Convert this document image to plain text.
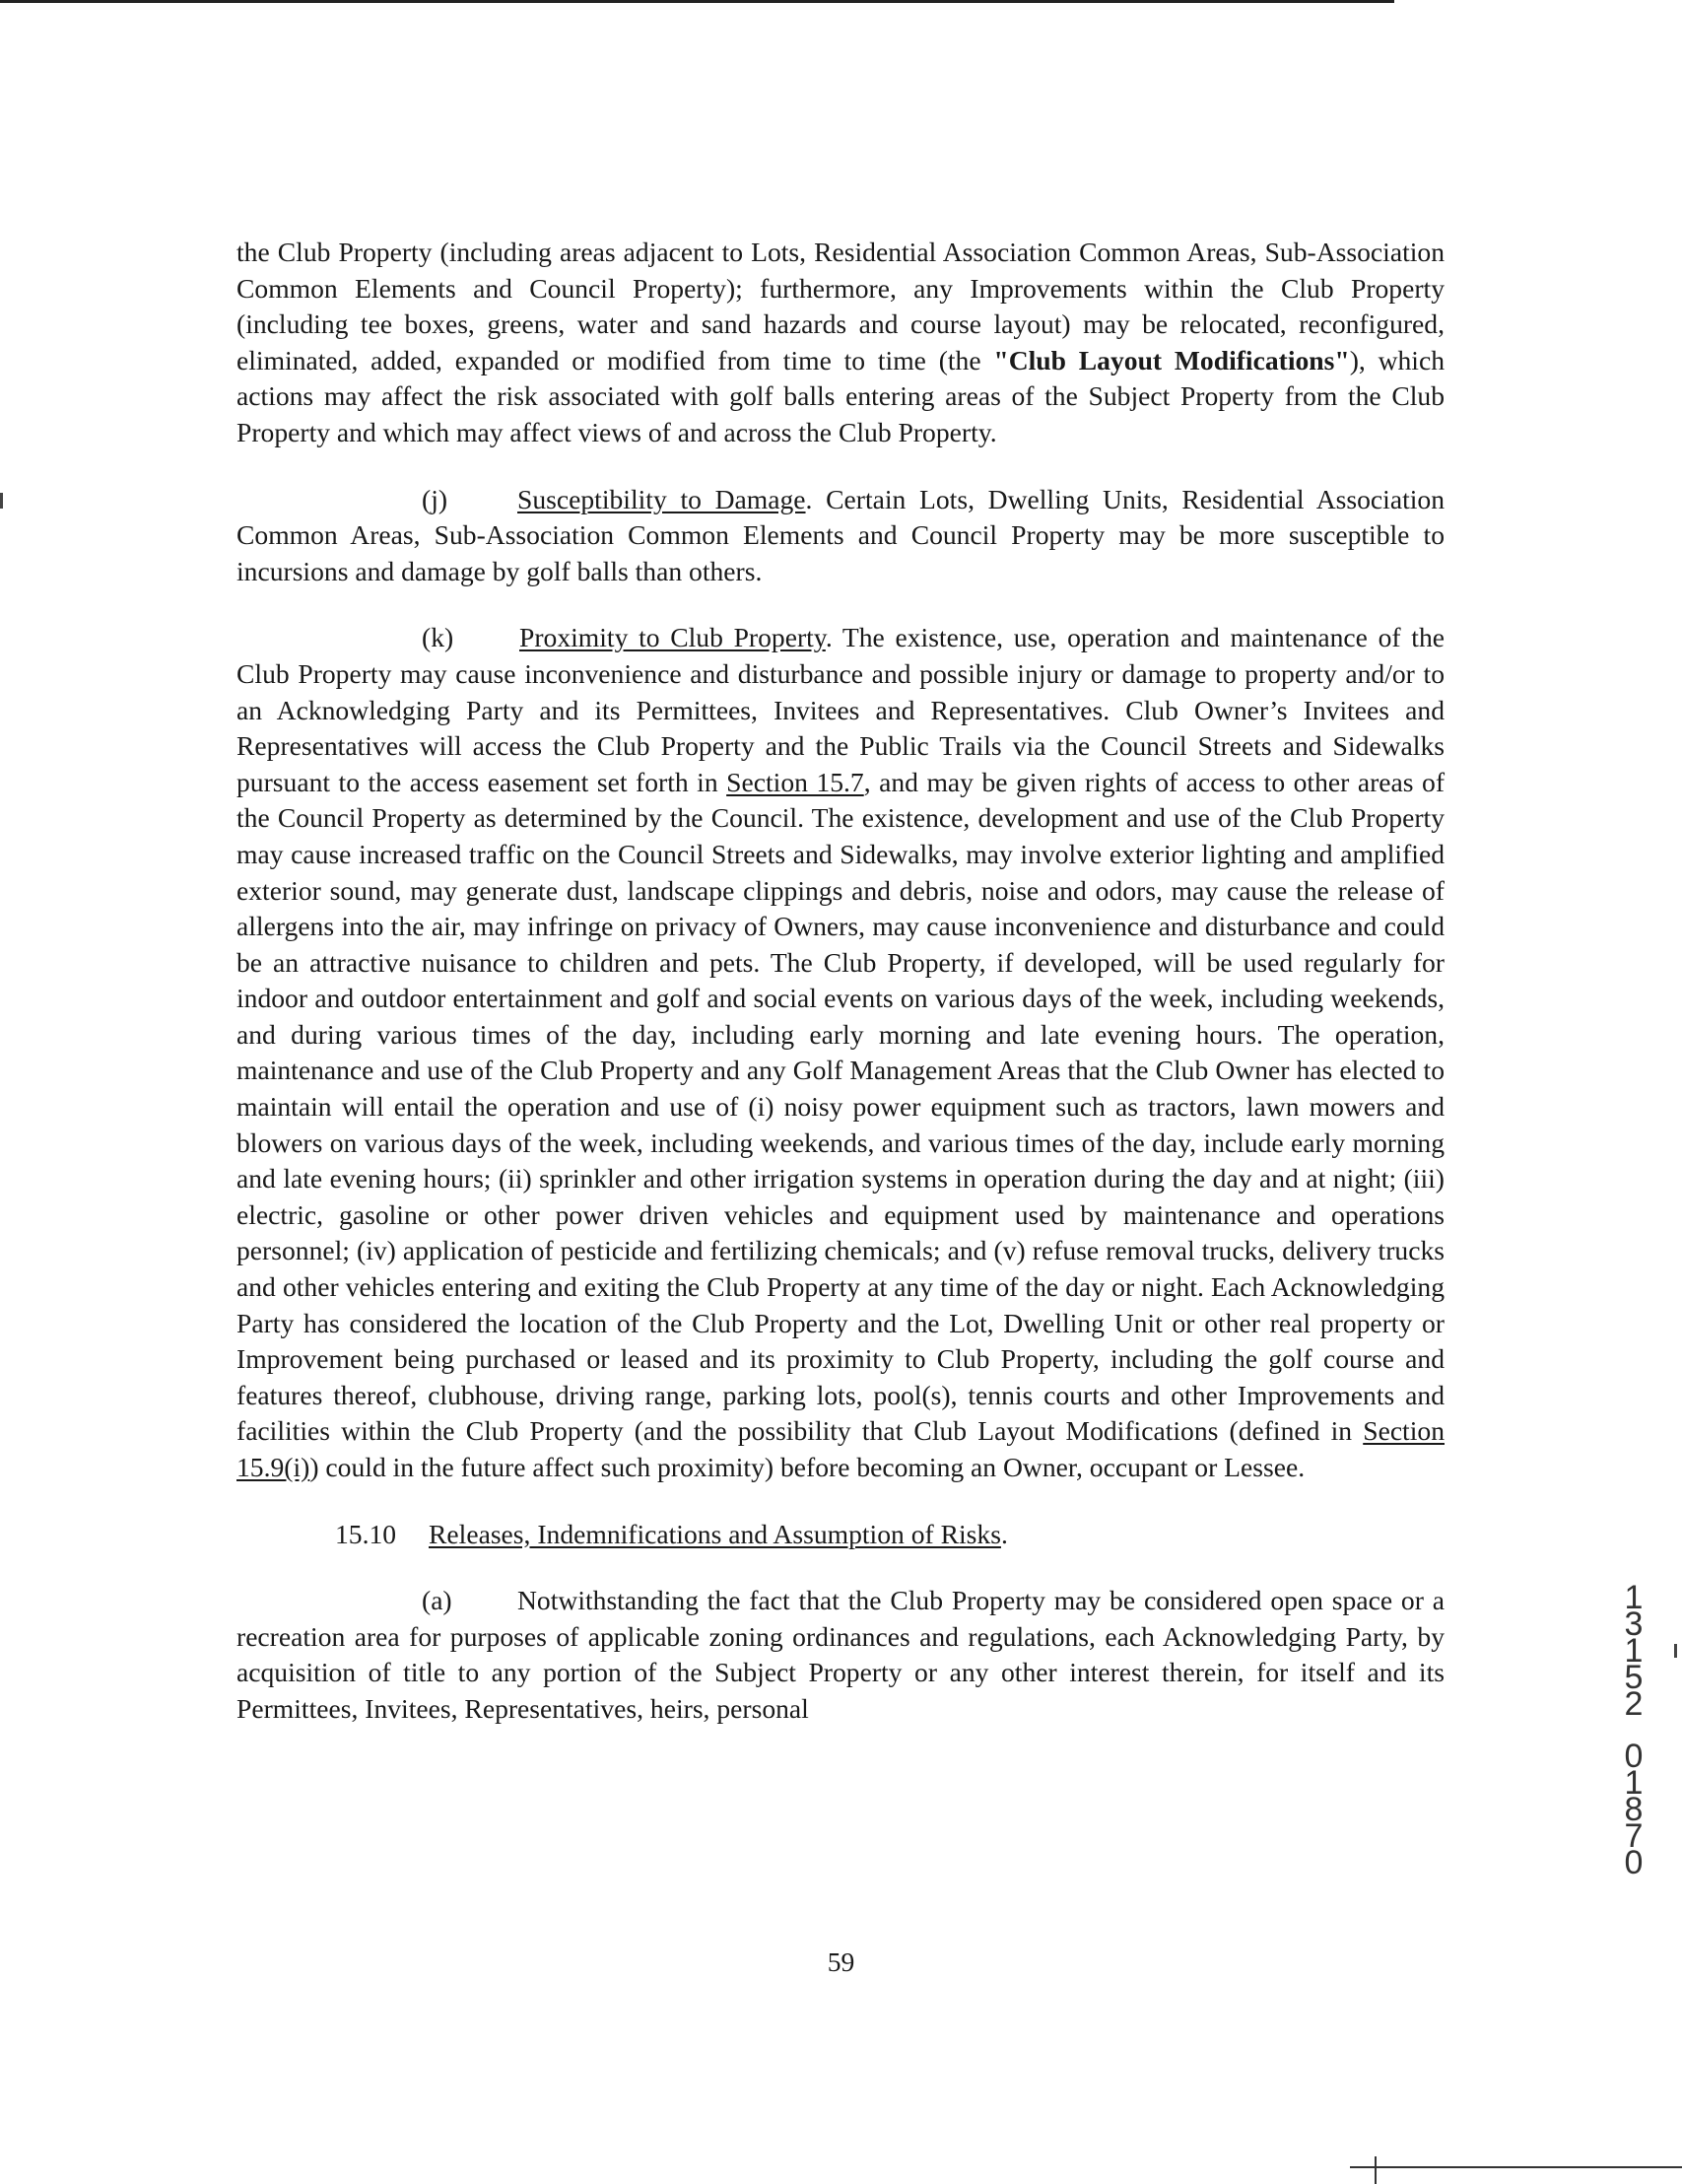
the Club Property (including areas adjacent to Lots, Residential Association Common Areas, Sub-Association Common Elements and Council Property); furthermore, any Improvements within the Club Property (including tee boxes, greens, water and sand hazards and course layout) may be relocated, reconfigured, eliminated, added, expanded or modified from time to time (the "Club Layout Modifications"), which actions may affect the risk associated with golf balls entering areas of the Subject Property from the Club Property and which may affect views of and across the Club Property.

(j)	Susceptibility to Damage. Certain Lots, Dwelling Units, Residential Association Common Areas, Sub-Association Common Elements and Council Property may be more susceptible to incursions and damage by golf balls than others.

(k) Proximity to Club Property. The existence, use, operation and maintenance of the Club Property may cause inconvenience and disturbance and possible injury or damage to property and/or to an Acknowledging Party and its Permittees, Invitees and Representatives. Club Owner’s Invitees and Representatives will access the Club Property and the Public Trails via the Council Streets and Sidewalks pursuant to the access easement set forth in Section 15.7, and may be given rights of access to other areas of the Council Property as determined by the Council. The existence, development and use of the Club Property may cause increased traffic on the Council Streets and Sidewalks, may involve exterior lighting and amplified exterior sound, may generate dust, landscape clippings and debris, noise and odors, may cause the release of allergens into the air, may infringe on privacy of Owners, may cause inconvenience and disturbance and could be an attractive nuisance to children and pets. The Club Property, if developed, will be used regularly for indoor and outdoor entertainment and golf and social events on various days of the week, including weekends, and during various times of the day, including early morning and late evening hours. The operation, maintenance and use of the Club Property and any Golf Management Areas that the Club Owner has elected to maintain will entail the operation and use of (i) noisy power equipment such as tractors, lawn mowers and blowers on various days of the week, including weekends, and various times of the day, include early morning and late evening hours; (ii) sprinkler and other irrigation systems in operation during the day and at night; (iii) electric, gasoline or other power driven vehicles and equipment used by maintenance and operations personnel; (iv) application of pesticide and fertilizing chemicals; and (v) refuse removal trucks, delivery trucks and other vehicles entering and exiting the Club Property at any time of the day or night. Each Acknowledging Party has considered the location of the Club Property and the Lot, Dwelling Unit or other real property or Improvement being purchased or leased and its proximity to Club Property, including the golf course and features thereof, clubhouse, driving range, parking lots, pool(s), tennis courts and other Improvements and facilities within the Club Property (and the possibility that Club Layout Modifications (defined in Section 15.9(i)) could in the future affect such proximity) before becoming an Owner, occupant or Lessee.

15.10 Releases, Indemnifications and Assumption of Risks.

(a) Notwithstanding the fact that the Club Property may be considered open space or a recreation area for purposes of applicable zoning ordinances and regulations, each Acknowledging Party, by acquisition of title to any portion of the Subject Property or any other interest therein, for itself and its Permittees, Invitees, Representatives, heirs, personal

59
1
3
1
5
2
0
1
8
7
0
